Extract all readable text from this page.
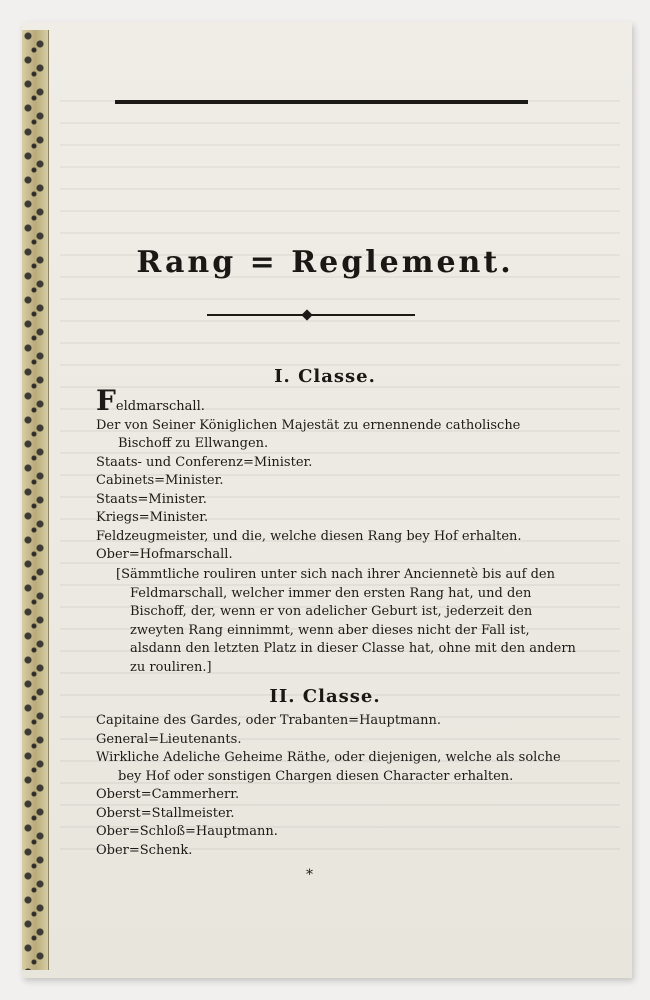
Rang = Reglement.
I. Classe.
Feldmarschall.
Der von Seiner Königlichen Majestät zu ernennende catholische
Bischoff zu Ellwangen.
Staats- und Conferenz=Minister.
Cabinets=Minister.
Staats=Minister.
Kriegs=Minister.
Feldzeugmeister, und die, welche diesen Rang bey Hof erhalten.
Ober=Hofmarschall.

[Sämmtliche rouliren unter sich nach ihrer Anciennetè bis auf den
Feldmarschall, welcher immer den ersten Rang hat, und den
Bischoff, der, wenn er von adelicher Geburt ist, jederzeit den
zweyten Rang einnimmt, wenn aber dieses nicht der Fall ist,
alsdann den letzten Platz in dieser Classe hat, ohne mit den andern
zu rouliren.]

II. Classe.
Capitaine des Gardes, oder Trabanten=Hauptmann.
General=Lieutenants.
Wirkliche Adeliche Geheime Räthe, oder diejenigen, welche als solche
bey Hof oder sonstigen Chargen diesen Character erhalten.
Oberst=Cammerherr.
Oberst=Stallmeister.
Ober=Schloß=Hauptmann.
Ober=Schenk.
*
